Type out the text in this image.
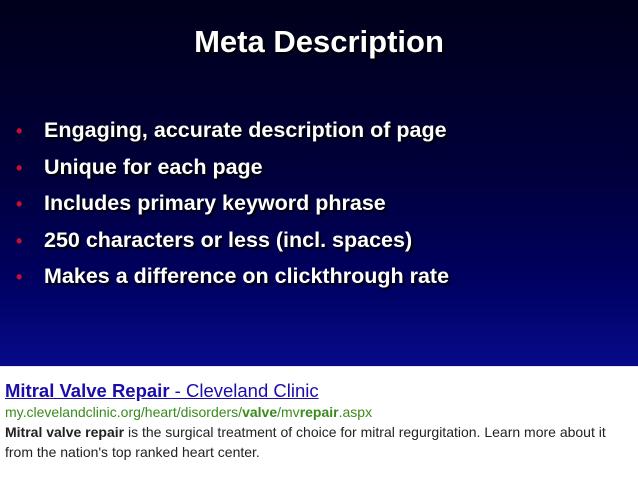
Meta Description
•	Engaging, accurate description of page
•	Unique for each page
•	Includes primary keyword phrase
•	250 characters or less (incl. spaces)
•	Makes a difference on clickthrough rate
Mitral Valve Repair - Cleveland Clinic
my.clevelandclinic.org/heart/disorders/valve/mvrepair.aspx
Mitral valve repair is the surgical treatment of choice for mitral regurgitation. Learn more about it from the nation's top ranked heart center.
